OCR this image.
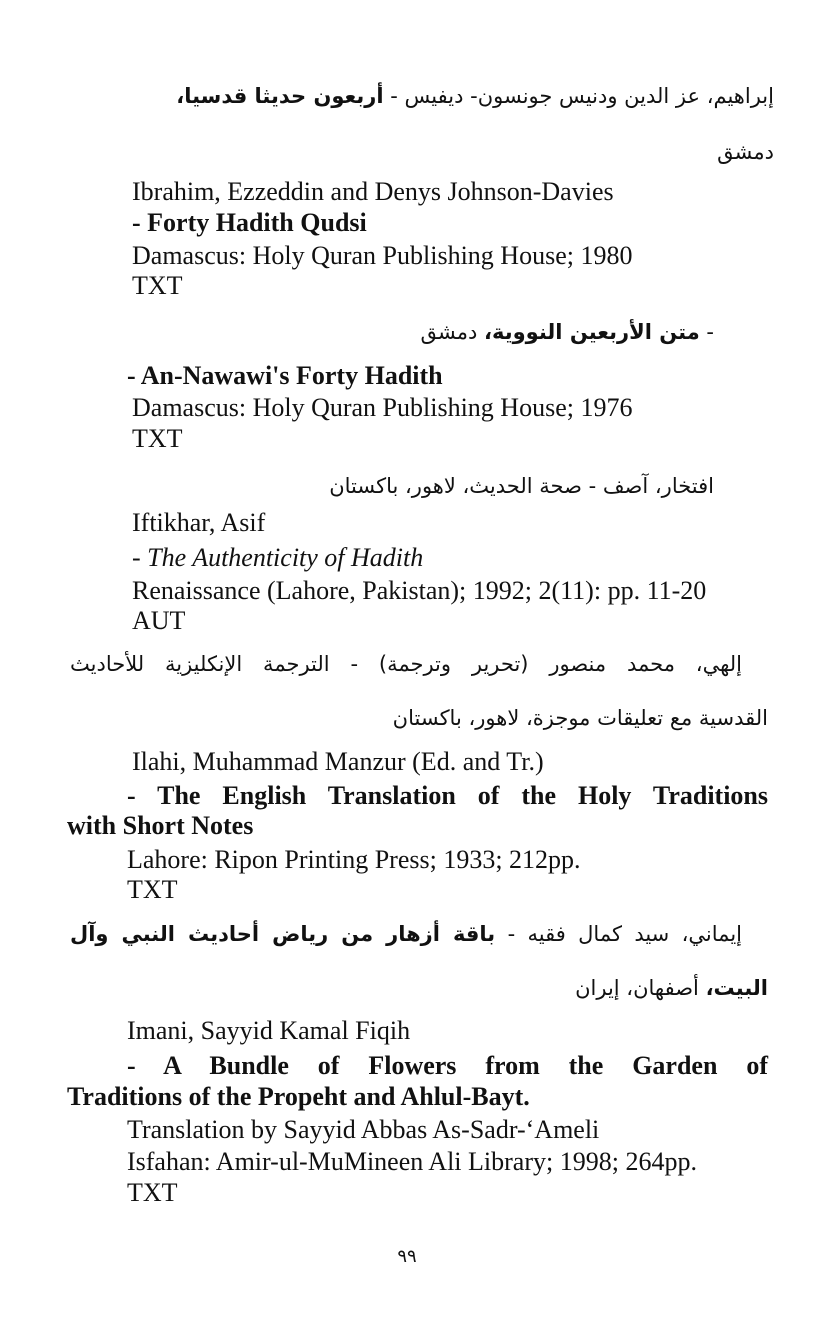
إبراهيم، عز الدين ودنيس جونسون- ديفيس - أربعون حديثا قدسيا،
دمشق
Ibrahim, Ezzeddin and Denys Johnson-Davies
- Forty Hadith Qudsi
Damascus: Holy Quran Publishing House; 1980
TXT
- متن الأربعين النووية، دمشق
- An-Nawawi's Forty Hadith
Damascus: Holy Quran Publishing House; 1976
TXT
افتخار، آصف - صحة الحديث، لاهور، باكستان
Iftikhar, Asif
- The Authenticity of Hadith
Renaissance (Lahore, Pakistan); 1992; 2(11): pp. 11-20
AUT
إلهي، محمد منصور (تحرير وترجمة) - الترجمة الإنكليزية للأحاديث
القدسية مع تعليقات موجزة، لاهور، باكستان
Ilahi, Muhammad Manzur (Ed. and Tr.)
- The English Translation of the Holy Traditions
with Short Notes
Lahore: Ripon Printing Press; 1933; 212pp.
TXT
إيماني، سيد كمال فقيه - باقة أزهار من رياض أحاديث النبي وآل
البيت، أصفهان، إيران
Imani, Sayyid Kamal Fiqih
- A Bundle of Flowers from the Garden of
Traditions of the Propeht and Ahlul-Bayt.
Translation by Sayyid Abbas As-Sadr-‘Ameli
Isfahan: Amir-ul-MuMineen Ali Library; 1998; 264pp.
TXT
٩٩
